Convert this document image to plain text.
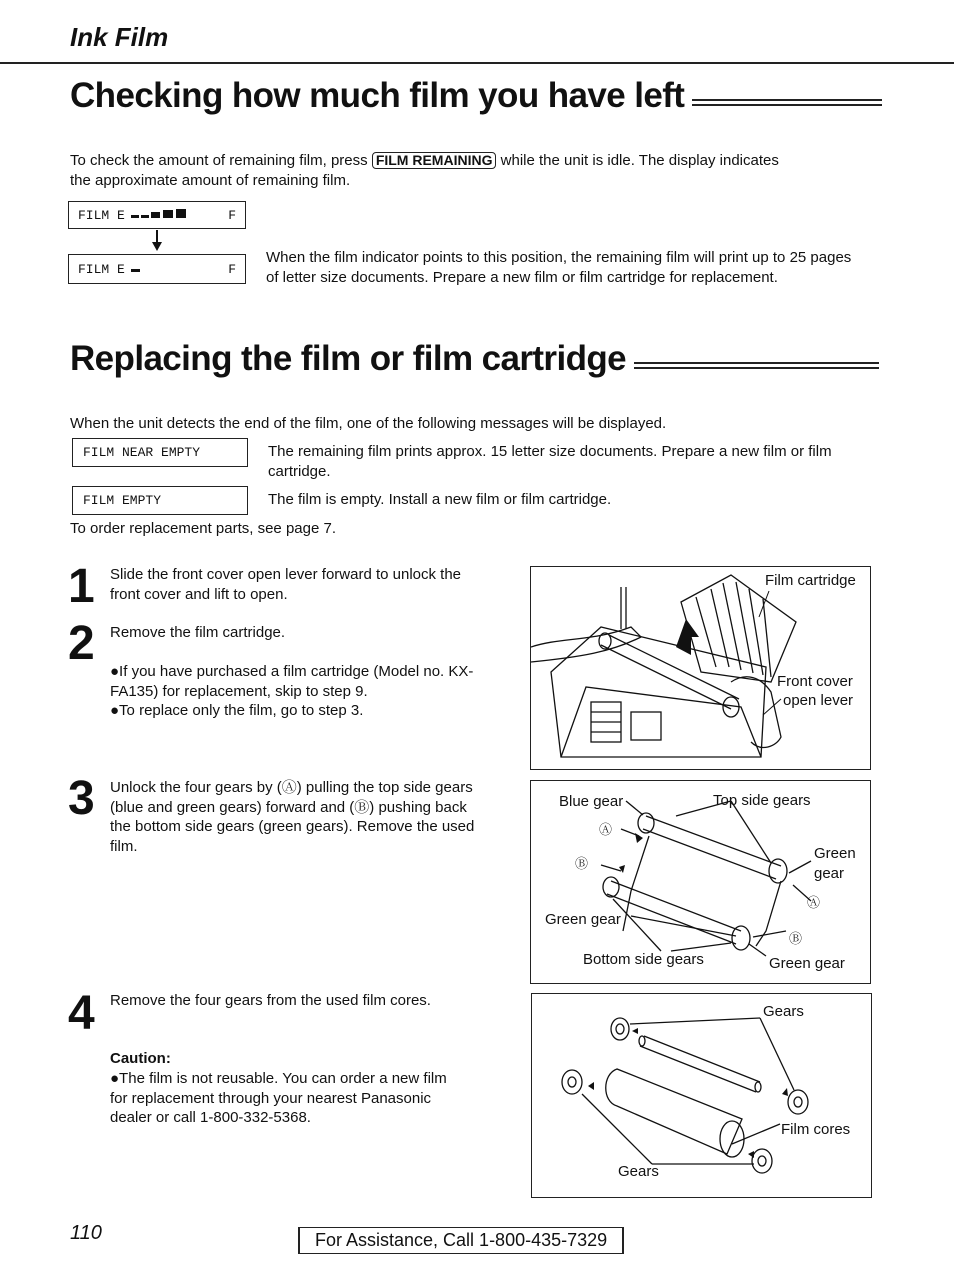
Ink Film
Checking how much film you have left
To check the amount of remaining film, press FILM REMAINING while the unit is idle. The display indicates
the approximate amount of remaining film.
FILM E	F
FILM E	F
When the film indicator points to this position, the remaining film will print up to 25 pages of letter size documents. Prepare a new film or film cartridge for replacement.
Replacing the film or film cartridge
When the unit detects the end of the film, one of the following messages will be displayed.
FILM NEAR EMPTY	The remaining film prints approx. 15 letter size documents. Prepare a new film or film cartridge.
FILM EMPTY	The film is empty. Install a new film or film cartridge.
To order replacement parts, see page 7.
1 Slide the front cover open lever forward to unlock the front cover and lift to open.
2 Remove the film cartridge.
●If you have purchased a film cartridge (Model no. KX-FA135) for replacement, skip to step 9.
●To replace only the film, go to step 3.
3 Unlock the four gears by (Ⓐ) pulling the top side gears (blue and green gears) forward and (Ⓑ) pushing back the bottom side gears (green gears). Remove the used film.
4 Remove the four gears from the used film cores.
Caution:
●The film is not reusable. You can order a new film for replacement through your nearest Panasonic dealer or call 1-800-332-5368.
Film cartridge
Front cover
open lever
Blue gear	Top side gears
Ⓐ
Ⓑ
Green
gear
Ⓐ
Green gear
Ⓑ
Bottom side gears	Green gear
Gears
Film cores
Gears
110	For Assistance, Call 1-800-435-7329
